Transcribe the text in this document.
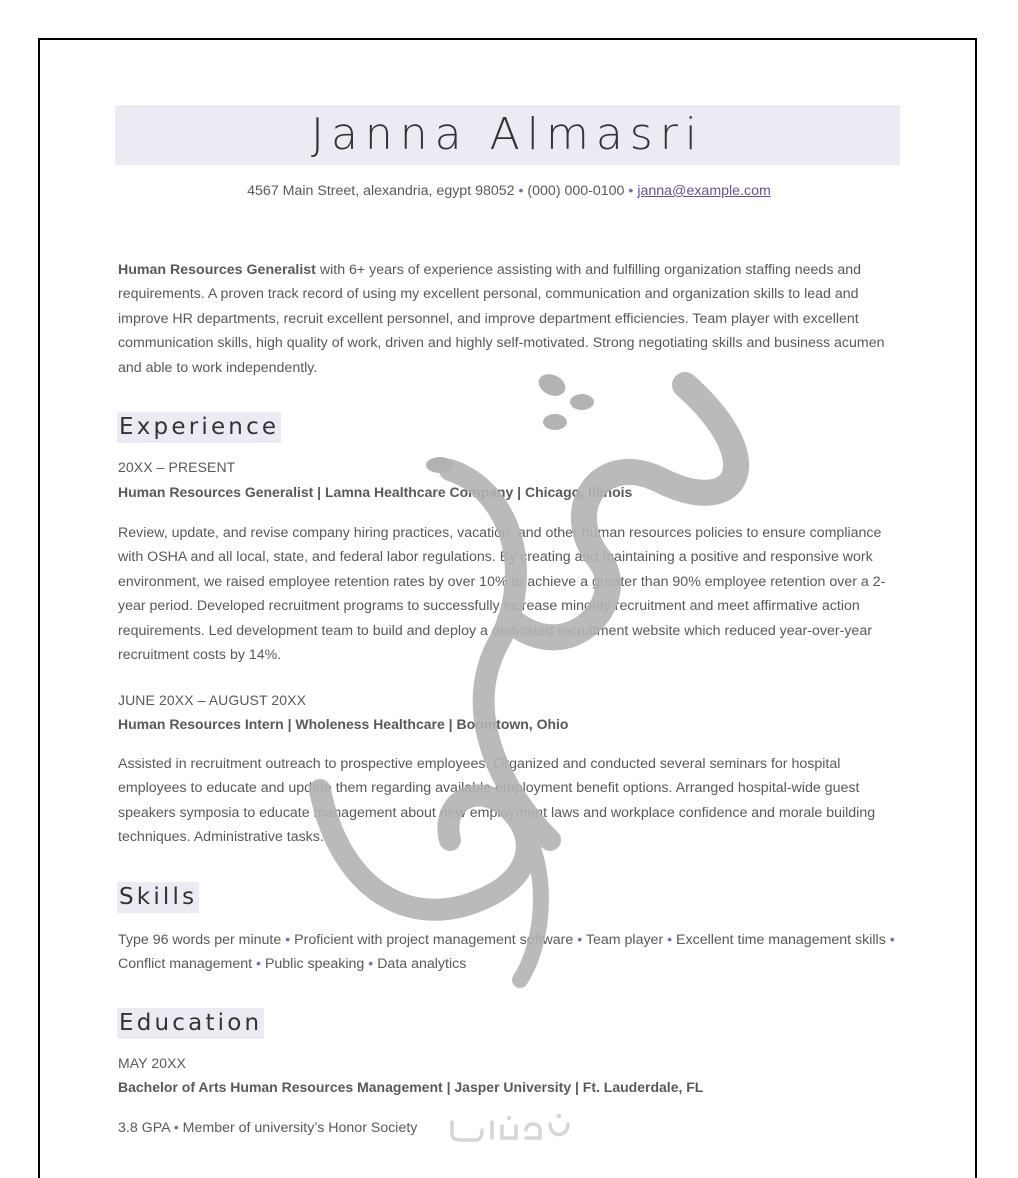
Janna Almasri
4567 Main Street, alexandria, egypt 98052 • (000) 000-0100 • janna@example.com
Human Resources Generalist with 6+ years of experience assisting with and fulfilling organization staffing needs and requirements. A proven track record of using my excellent personal, communication and organization skills to lead and improve HR departments, recruit excellent personnel, and improve department efficiencies. Team player with excellent communication skills, high quality of work, driven and highly self-motivated. Strong negotiating skills and business acumen and able to work independently.
Experience
20XX – PRESENT
Human Resources Generalist | Lamna Healthcare Company | Chicago, Illinois
Review, update, and revise company hiring practices, vacation, and other human resources policies to ensure compliance with OSHA and all local, state, and federal labor regulations. By creating and maintaining a positive and responsive work environment, we raised employee retention rates by over 10% to achieve a greater than 90% employee retention over a 2-year period. Developed recruitment programs to successfully increase minority recruitment and meet affirmative action requirements. Led development team to build and deploy a dedicated recruitment website which reduced year-over-year recruitment costs by 14%.
JUNE 20XX – AUGUST 20XX
Human Resources Intern | Wholeness Healthcare | Boomtown, Ohio
Assisted in recruitment outreach to prospective employees. Organized and conducted several seminars for hospital employees to educate and update them regarding available employment benefit options. Arranged hospital-wide guest speakers symposia to educate management about new employment laws and workplace confidence and morale building techniques. Administrative tasks.
Skills
Type 96 words per minute • Proficient with project management software • Team player • Excellent time management skills • Conflict management • Public speaking • Data analytics
Education
MAY 20XX
Bachelor of Arts Human Resources Management | Jasper University | Ft. Lauderdale, FL
3.8 GPA • Member of university’s Honor Society
